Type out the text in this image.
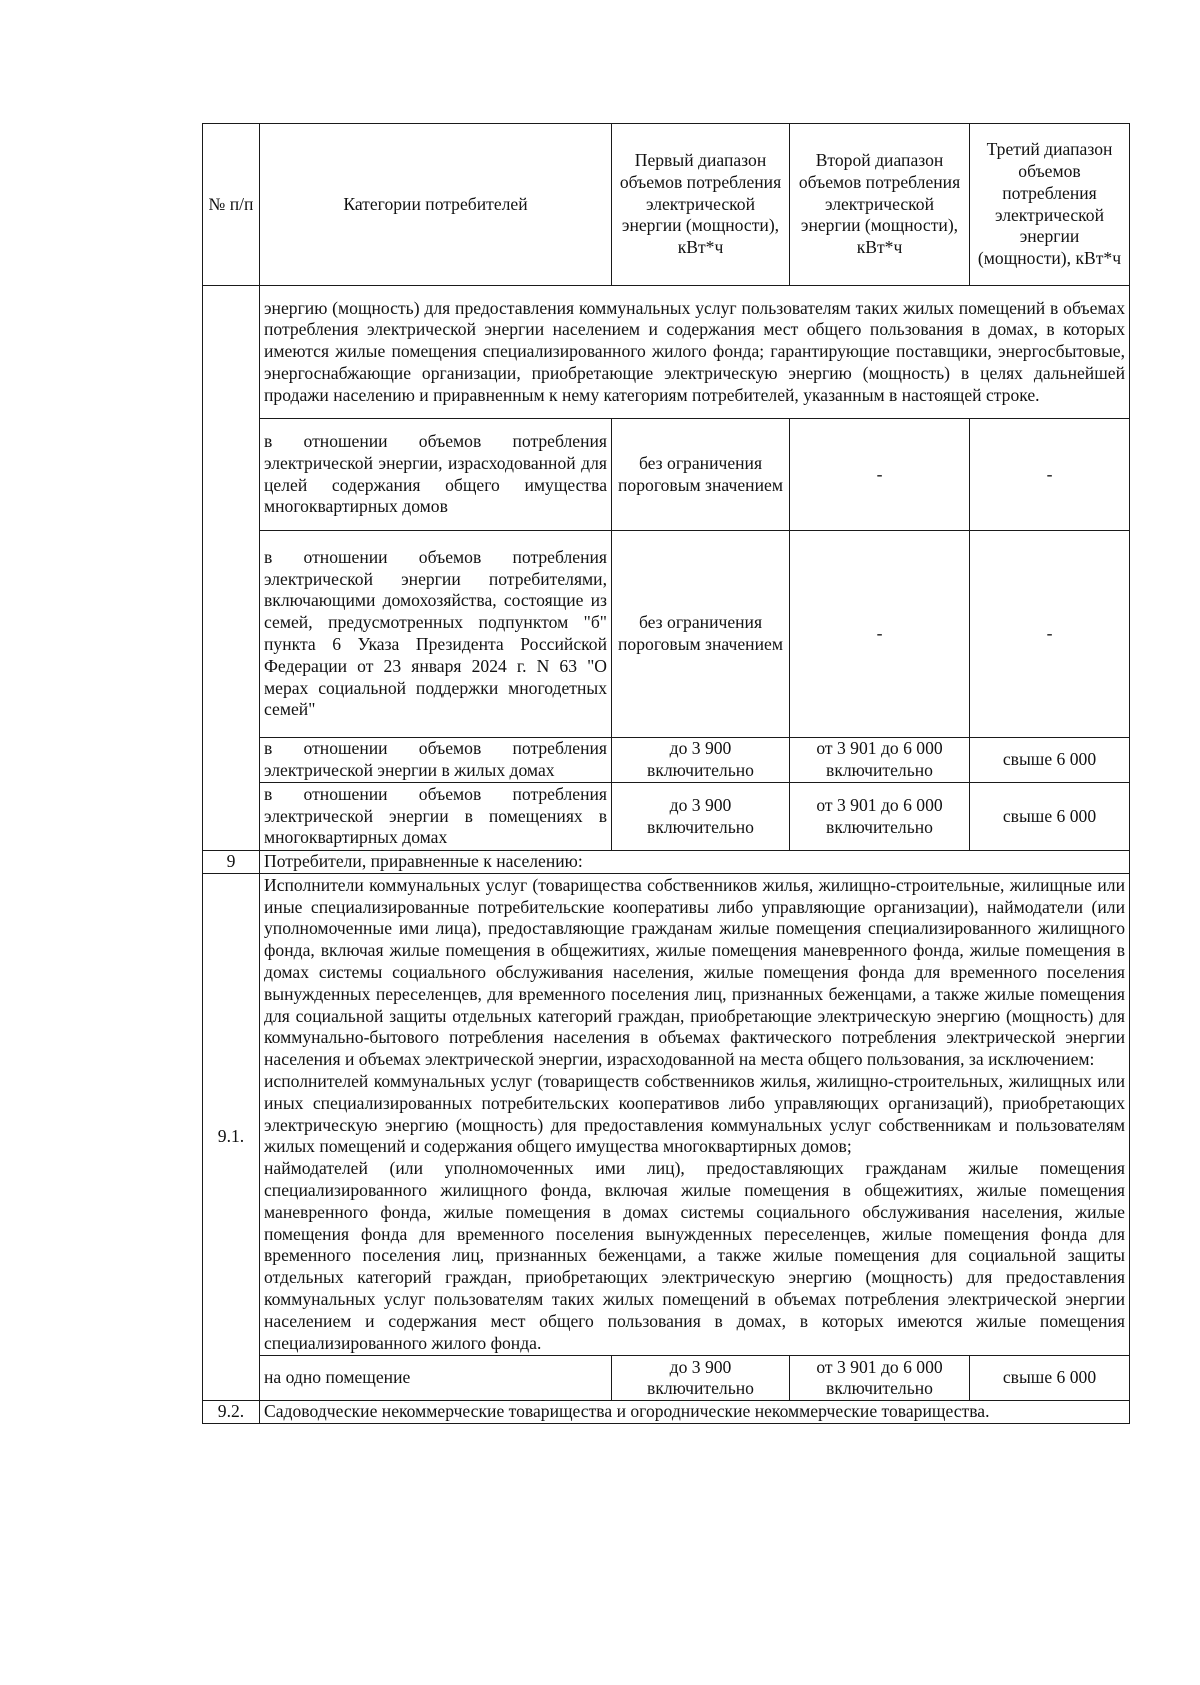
№ п/п	Категории потребителей	Первый диапазон объемов потребления электрической энергии (мощности), кВт*ч	Второй диапазон объемов потребления электрической энергии (мощности), кВт*ч	Третий диапазон объемов потребления электрической энергии (мощности), кВт*ч
	энергию (мощность) для предоставления коммунальных услуг пользователям таких жилых помещений в объемах потребления электрической энергии населением и содержания мест общего пользования в домах, в которых имеются жилые помещения специализированного жилого фонда; гарантирующие поставщики, энергосбытовые, энергоснабжающие организации, приобретающие электрическую энергию (мощность) в целях дальнейшей продажи населению и приравненным к нему категориям потребителей, указанным в настоящей строке.			
	в отношении объемов потребления электрической энергии, израсходованной для целей содержания общего имущества многоквартирных домов	без ограничения пороговым значением	-	-
	в отношении объемов потребления электрической энергии потребителями, включающими домохозяйства, состоящие из семей, предусмотренных подпунктом "б" пункта 6 Указа Президента Российской Федерации от 23 января 2024 г. N 63 "О мерах социальной поддержки многодетных семей"	без ограничения пороговым значением	-	-
	в отношении объемов потребления электрической энергии в жилых домах	до 3 900 включительно	от 3 901 до 6 000 включительно	свыше 6 000
	в отношении объемов потребления электрической энергии в помещениях в многоквартирных домах	до 3 900 включительно	от 3 901 до 6 000 включительно	свыше 6 000
9	Потребители, приравненные к населению:			
9.1.	Исполнители коммунальных услуг (товарищества собственников жилья, жилищно-строительные, жилищные или иные специализированные потребительские кооперативы либо управляющие организации), наймодатели (или уполномоченные ими лица), предоставляющие гражданам жилые помещения специализированного жилищного фонда, включая жилые помещения в общежитиях, жилые помещения маневренного фонда, жилые помещения в домах системы социального обслуживания населения, жилые помещения фонда для временного поселения вынужденных переселенцев, для временного поселения лиц, признанных беженцами, а также жилые помещения для социальной защиты отдельных категорий граждан, приобретающие электрическую энергию (мощность) для коммунально-бытового потребления населения в объемах фактического потребления электрической энергии населения и объемах электрической энергии, израсходованной на места общего пользования, за исключением:
исполнителей коммунальных услуг (товариществ собственников жилья, жилищно-строительных, жилищных или иных специализированных потребительских кооперативов либо управляющих организаций), приобретающих электрическую энергию (мощность) для предоставления коммунальных услуг собственникам и пользователям жилых помещений и содержания общего имущества многоквартирных домов;
наймодателей (или уполномоченных ими лиц), предоставляющих гражданам жилые помещения специализированного жилищного фонда, включая жилые помещения в общежитиях, жилые помещения маневренного фонда, жилые помещения в домах системы социального обслуживания населения, жилые помещения фонда для временного поселения вынужденных переселенцев, жилые помещения фонда для временного поселения лиц, признанных беженцами, а также жилые помещения для социальной защиты отдельных категорий граждан, приобретающих электрическую энергию (мощность) для предоставления коммунальных услуг пользователям таких жилых помещений в объемах потребления электрической энергии населением и содержания мест общего пользования в домах, в которых имеются жилые помещения специализированного жилого фонда.			

	на одно помещение	до 3 900 включительно	от 3 901 до 6 000 включительно	свыше 6 000
9.2.	Садоводческие некоммерческие товарищества и огороднические некоммерческие товарищества.			
